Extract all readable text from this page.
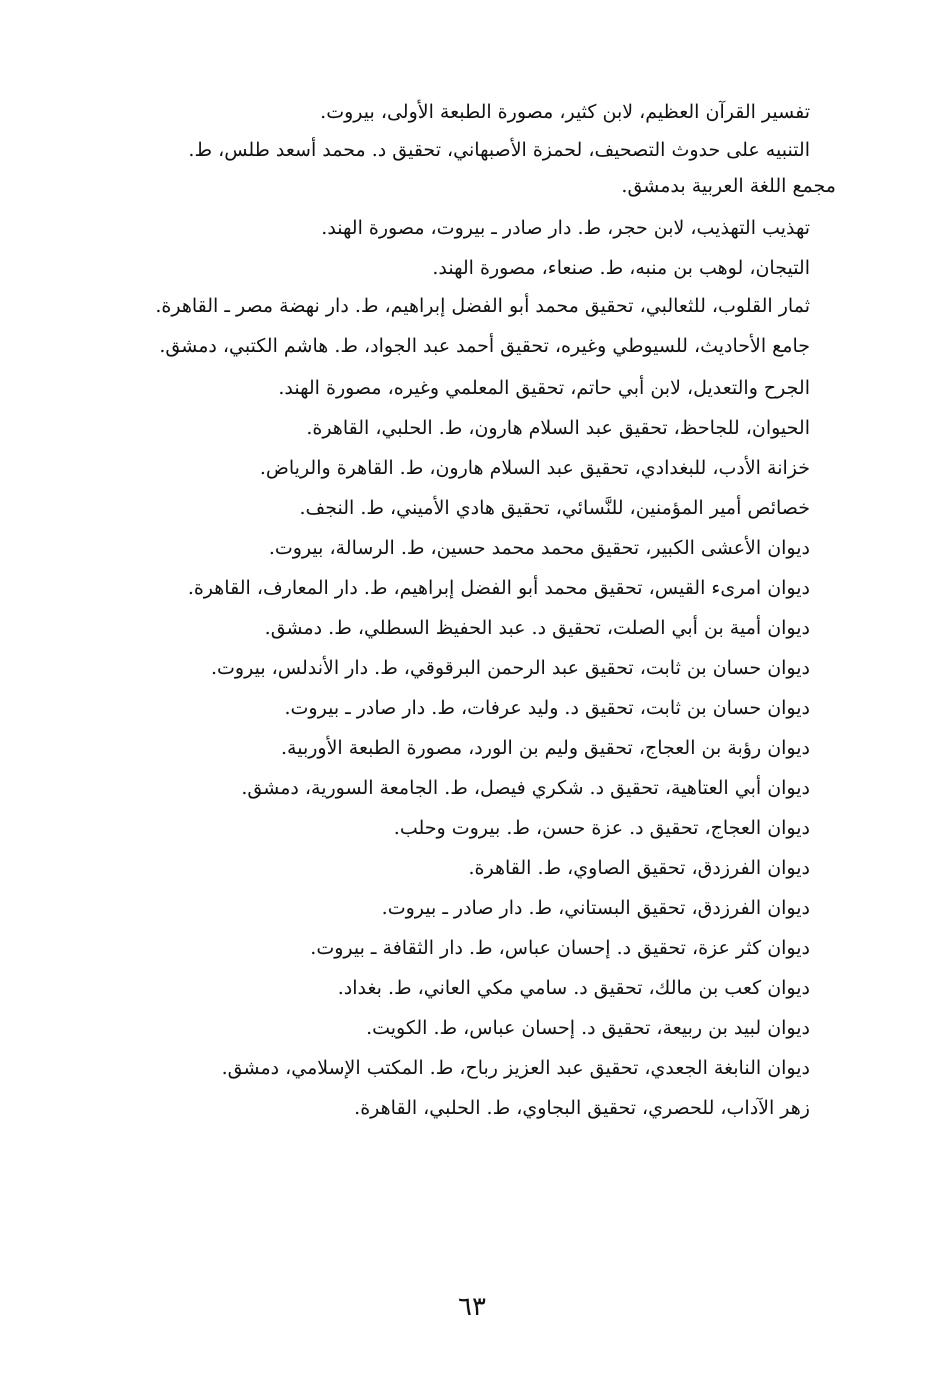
تفسير القرآن العظيم، لابن كثير، مصورة الطبعة الأولى، بيروت.

التنبيه على حدوث التصحيف، لحمزة الأصبهاني، تحقيق د. محمد أسعد طلس، ط. مجمع اللغة العربية بدمشق.

تهذيب التهذيب، لابن حجر، ط. دار صادر ـ بيروت، مصورة الهند.

التيجان، لوهب بن منبه، ط. صنعاء، مصورة الهند.

ثمار القلوب، للثعالبي، تحقيق محمد أبو الفضل إبراهيم، ط. دار نهضة مصر ـ القاهرة.

جامع الأحاديث، للسيوطي وغيره، تحقيق أحمد عبد الجواد، ط. هاشم الكتبي، دمشق.

الجرح والتعديل، لابن أبي حاتم، تحقيق المعلمي وغيره، مصورة الهند.

الحيوان، للجاحظ، تحقيق عبد السلام هارون، ط. الحلبي، القاهرة.

خزانة الأدب، للبغدادي، تحقيق عبد السلام هارون، ط. القاهرة والرياض.

خصائص أمير المؤمنين، للنَّسائي، تحقيق هادي الأميني، ط. النجف.

ديوان الأعشى الكبير، تحقيق محمد محمد حسين، ط. الرسالة، بيروت.

ديوان امرىء القيس، تحقيق محمد أبو الفضل إبراهيم، ط. دار المعارف، القاهرة.

ديوان أمية بن أبي الصلت، تحقيق د. عبد الحفيظ السطلي، ط. دمشق.

ديوان حسان بن ثابت، تحقيق عبد الرحمن البرقوقي، ط. دار الأندلس، بيروت.

ديوان حسان بن ثابت، تحقيق د. وليد عرفات، ط. دار صادر ـ بيروت.

ديوان رؤبة بن العجاج، تحقيق وليم بن الورد، مصورة الطبعة الأوربية.

ديوان أبي العتاهية، تحقيق د. شكري فيصل، ط. الجامعة السورية، دمشق.

ديوان العجاج، تحقيق د. عزة حسن، ط. بيروت وحلب.

ديوان الفرزدق، تحقيق الصاوي، ط. القاهرة.

ديوان الفرزدق، تحقيق البستاني، ط. دار صادر ـ بيروت.

ديوان كثر عزة، تحقيق د. إحسان عباس، ط. دار الثقافة ـ بيروت.

ديوان كعب بن مالك، تحقيق د. سامي مكي العاني، ط. بغداد.

ديوان لبيد بن ربيعة، تحقيق د. إحسان عباس، ط. الكويت.

ديوان النابغة الجعدي، تحقيق عبد العزيز رباح، ط. المكتب الإسلامي، دمشق.

زهر الآداب، للحصري، تحقيق البجاوي، ط. الحلبي، القاهرة.

٦٣
